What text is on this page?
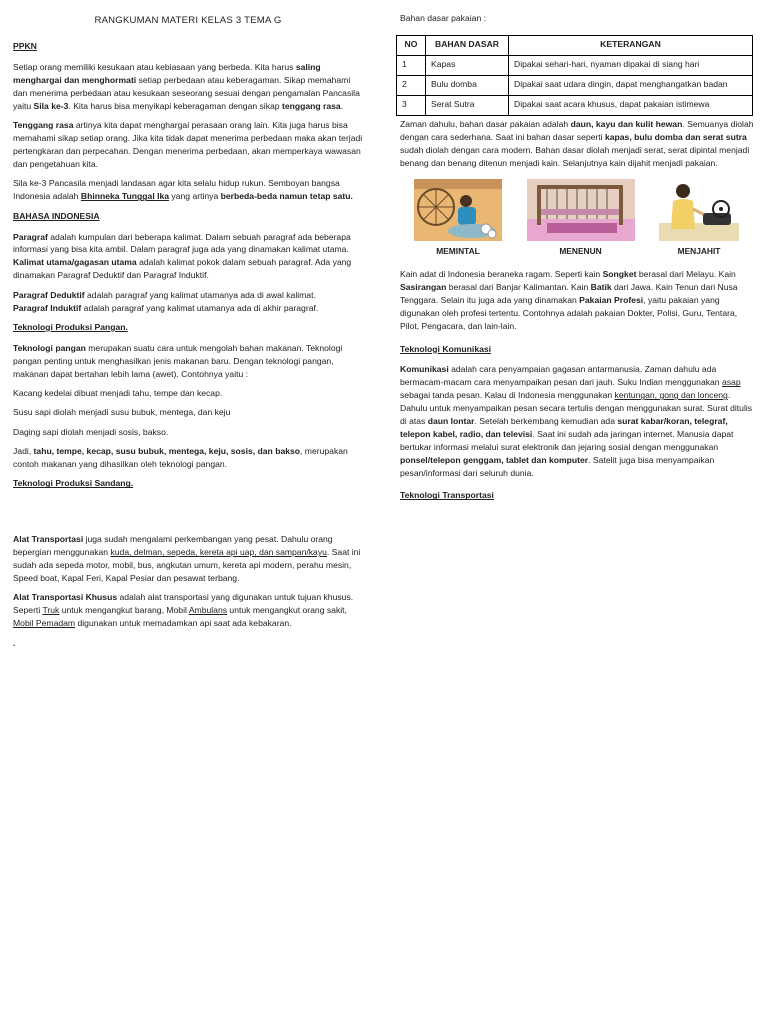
RANGKUMAN MATERI KELAS 3 TEMA G
PPKN

Setiap orang memiliki kesukaan atau kebiasaan yang berbeda. Kita harus saling menghargai dan menghormati setiap perbedaan atau keberagaman. Sikap memahami dan menerima perbedaan atau kesukaan seseorang sesuai dengan pengamalan Pancasila yaitu Sila ke-3. Kita harus bisa menyikapi keberagaman dengan sikap tenggang rasa.

Tenggang rasa artinya kita dapat menghargai perasaan orang lain. Kita juga harus bisa memahami sikap setiap orang. Jika kita tidak dapat menerima perbedaan maka akan terjadi pertengkaran dan perpecahan. Dengan menerima perbedaan, akan memperkaya wawasan dan pengetahuan kita.

Sila ke-3 Pancasila menjadi landasan agar kita selalu hidup rukun. Semboyan bangsa Indonesia adalah Bhinneka Tunggal Ika yang artinya berbeda-beda namun tetap satu.

BAHASA INDONESIA

Paragraf adalah kumpulan dari beberapa kalimat. Dalam sebuah paragraf ada beberapa informasi yang bisa kita ambil. Dalam paragraf juga ada yang dinamakan kalimat utama. Kalimat utama/gagasan utama adalah kalimat pokok dalam sebuah paragraf. Ada yang dinamakan Paragraf Deduktif dan Paragraf Induktif.

Paragraf Deduktif adalah paragraf yang kalimat utamanya ada di awal kalimat.
Paragraf Induktif adalah paragraf yang kalimat utamanya ada di akhir paragraf.

Teknologi Produksi Pangan.

Teknologi pangan merupakan suatu cara untuk mengolah bahan makanan. Teknologi pangan penting untuk menghasilkan jenis makanan baru. Dengan teknologi pangan, makanan dapat bertahan lebih lama (awet). Contohnya yaitu :

Kacang kedelai dibuat menjadi tahu, tempe dan kecap.

Susu sapi diolah menjadi susu bubuk, mentega, dan keju

Daging sapi diolah menjadi sosis, bakso.

Jadi, tahu, tempe, kecap, susu bubuk, mentega, keju, sosis, dan bakso, merupakan contoh makanan yang dihasilkan oleh teknologi pangan.

Teknologi Produksi Sandang.

Alat Transportasi juga sudah mengalami perkembangan yang pesat. Dahulu orang bepergian menggunakan kuda, delman, sepeda, kereta api uap, dan sampan/kayu. Saat ini sudah ada sepeda motor, mobil, bus, angkutan umum, kereta api modern, perahu mesin, Speed boat, Kapal Feri, Kapal Pesiar dan pesawat terbang.

Alat Transportasi Khusus adalah alat transportasi yang digunakan untuk tujuan khusus. Seperti Truk untuk mengangkut barang, Mobil Ambulans untuk mengangkut orang sakit, Mobil Pemadam digunakan untuk memadamkan api saat ada kebakaran.

.

Bahan dasar pakaian :

NO	BAHAN DASAR	KETERANGAN
1	Kapas	Dipakai sehari-hari, nyaman dipakai di siang hari
2	Bulu domba	Dipakai saat udara dingin, dapat menghangatkan badan
3	Serat Sutra	Dipakai saat acara khusus, dapat pakaian istimewa

Zaman dahulu, bahan dasar pakaian adalah daun, kayu dan kulit hewan. Semuanya diolah dengan cara sederhana. Saat ini bahan dasar seperti kapas, bulu domba dan serat sutra sudah diolah dengan cara modern. Bahan dasar diolah menjadi serat, serat dipintal menjadi benang dan benang ditenun menjadi kain. Selanjutnya kain dijahit menjadi pakaian.

MEMINTAL	MENENUN	MENJAHIT

Kain adat di Indonesia beraneka ragam. Seperti kain Songket berasal dari Melayu. Kain Sasirangan berasal dari Banjar Kalimantan. Kain Batik dari Jawa. Kain Tenun dari Nusa Tenggara. Selain itu juga ada yang dinamakan Pakaian Profesi, yaitu pakaian yang digunakan oleh profesi tertentu. Contohnya adalah pakaian Dokter, Polisi, Guru, Tentara, Pilot, Pengacara, dan lain-lain.

Teknologi Komunikasi

Komunikasi adalah cara penyampaian gagasan antarmanusia. Zaman dahulu ada bermacam-macam cara menyampaikan pesan dari jauh. Suku Indian menggunakan asap sebagai tanda pesan. Kalau di Indonesia menggunakan kentungan, gong dan lonceng. Dahulu untuk menyampaikan pesan secara tertulis dengan menggunakan surat. Surat ditulis di atas daun lontar. Setelah berkembang kemudian ada surat kabar/koran, telegraf, telepon kabel, radio, dan televisi. Saat ini sudah ada jaringan internet. Manusia dapat bertukar informasi melalui surat elektronik dan jejaring sosial dengan menggunakan ponsel/telepon genggam, tablet dan komputer. Satelit juga bisa menyampaikan pesan/informasi dari seluruh dunia.

Teknologi Transportasi
